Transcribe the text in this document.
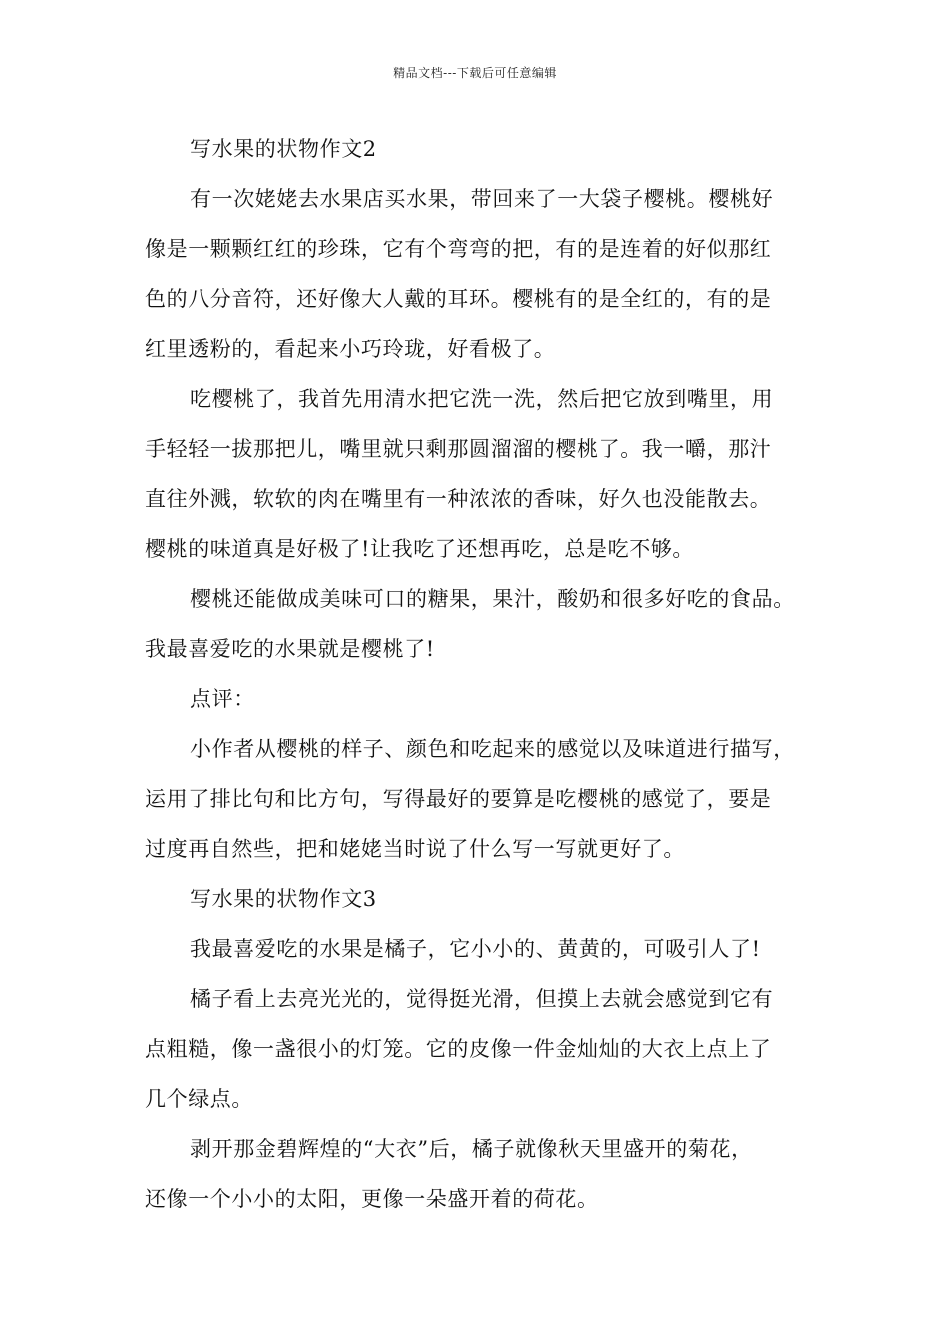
精品文档---下载后可任意编辑
写水果的状物作文2
有一次姥姥去水果店买水果，带回来了一大袋子樱桃。樱桃好
像是一颗颗红红的珍珠，它有个弯弯的把，有的是连着的好似那红
色的八分音符，还好像大人戴的耳环。樱桃有的是全红的，有的是
红里透粉的，看起来小巧玲珑，好看极了。
吃樱桃了，我首先用清水把它洗一洗，然后把它放到嘴里，用
手轻轻一拔那把儿，嘴里就只剩那圆溜溜的樱桃了。我一嚼，那汁
直往外溅，软软的肉在嘴里有一种浓浓的香味，好久也没能散去。
樱桃的味道真是好极了!让我吃了还想再吃，总是吃不够。
樱桃还能做成美味可口的糖果，果汁，酸奶和很多好吃的食品。
我最喜爱吃的水果就是樱桃了!
点评：
小作者从樱桃的样子、颜色和吃起来的感觉以及味道进行描写，
运用了排比句和比方句，写得最好的要算是吃樱桃的感觉了，要是
过度再自然些，把和姥姥当时说了什么写一写就更好了。
写水果的状物作文3
我最喜爱吃的水果是橘子，它小小的、黄黄的，可吸引人了!
橘子看上去亮光光的，觉得挺光滑，但摸上去就会感觉到它有
点粗糙，像一盏很小的灯笼。它的皮像一件金灿灿的大衣上点上了
几个绿点。
剥开那金碧辉煌的“大衣”后，橘子就像秋天里盛开的菊花，
还像一个小小的太阳，更像一朵盛开着的荷花。
